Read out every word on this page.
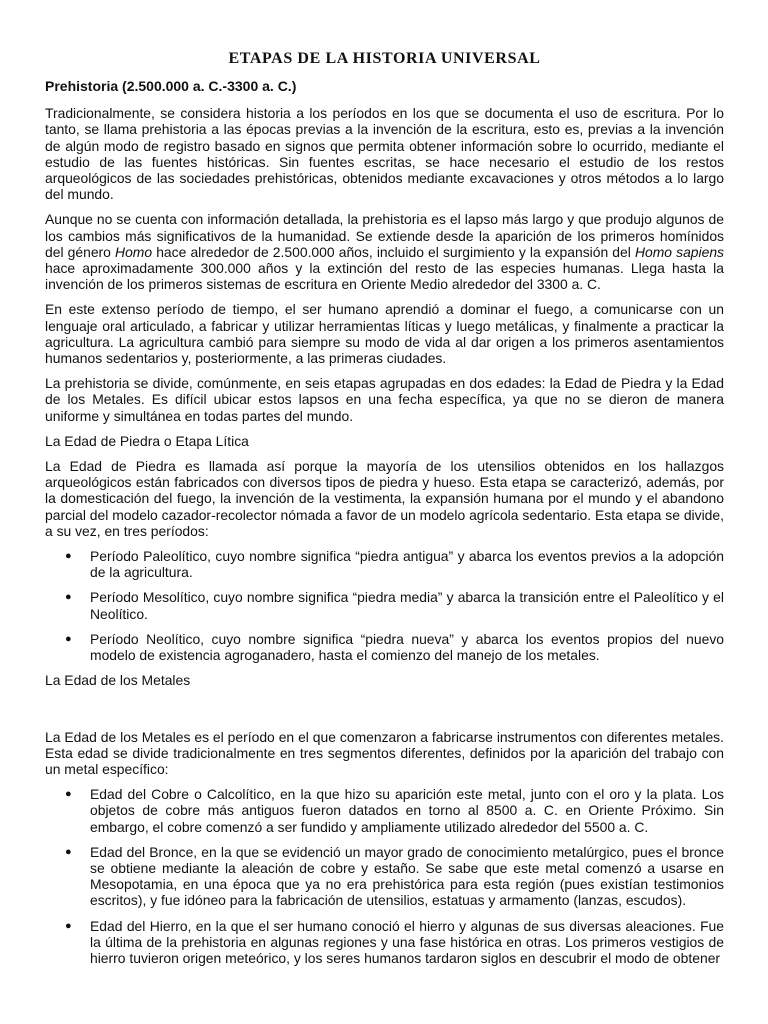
ETAPAS DE LA HISTORIA UNIVERSAL
Prehistoria (2.500.000 a. C.-3300 a. C.)

Tradicionalmente, se considera historia a los períodos en los que se documenta el uso de escritura. Por lo tanto, se llama prehistoria a las épocas previas a la invención de la escritura, esto es, previas a la invención de algún modo de registro basado en signos que permita obtener información sobre lo ocurrido, mediante el estudio de las fuentes históricas. Sin fuentes escritas, se hace necesario el estudio de los restos arqueológicos de las sociedades prehistóricas, obtenidos mediante excavaciones y otros métodos a lo largo del mundo.

Aunque no se cuenta con información detallada, la prehistoria es el lapso más largo y que produjo algunos de los cambios más significativos de la humanidad. Se extiende desde la aparición de los primeros homínidos del género Homo hace alrededor de 2.500.000 años, incluido el surgimiento y la expansión del Homo sapiens hace aproximadamente 300.000 años y la extinción del resto de las especies humanas. Llega hasta la invención de los primeros sistemas de escritura en Oriente Medio alrededor del 3300 a. C.

En este extenso período de tiempo, el ser humano aprendió a dominar el fuego, a comunicarse con un lenguaje oral articulado, a fabricar y utilizar herramientas líticas y luego metálicas, y finalmente a practicar la agricultura. La agricultura cambió para siempre su modo de vida al dar origen a los primeros asentamientos humanos sedentarios y, posteriormente, a las primeras ciudades.

La prehistoria se divide, comúnmente, en seis etapas agrupadas en dos edades: la Edad de Piedra y la Edad de los Metales. Es difícil ubicar estos lapsos en una fecha específica, ya que no se dieron de manera uniforme y simultánea en todas partes del mundo.

La Edad de Piedra o Etapa Lítica

La Edad de Piedra es llamada así porque la mayoría de los utensilios obtenidos en los hallazgos arqueológicos están fabricados con diversos tipos de piedra y hueso. Esta etapa se caracterizó, además, por la domesticación del fuego, la invención de la vestimenta, la expansión humana por el mundo y el abandono parcial del modelo cazador-recolector nómada a favor de un modelo agrícola sedentario. Esta etapa se divide, a su vez, en tres períodos:

● Período Paleolítico, cuyo nombre significa “piedra antigua” y abarca los eventos previos a la adopción de la agricultura.
● Período Mesolítico, cuyo nombre significa “piedra media” y abarca la transición entre el Paleolítico y el Neolítico.
● Período Neolítico, cuyo nombre significa “piedra nueva” y abarca los eventos propios del nuevo modelo de existencia agroganadero, hasta el comienzo del manejo de los metales.
La Edad de los Metales

La Edad de los Metales es el período en el que comenzaron a fabricarse instrumentos con diferentes metales. Esta edad se divide tradicionalmente en tres segmentos diferentes, definidos por la aparición del trabajo con un metal específico:

● Edad del Cobre o Calcolítico, en la que hizo su aparición este metal, junto con el oro y la plata. Los objetos de cobre más antiguos fueron datados en torno al 8500 a. C. en Oriente Próximo. Sin embargo, el cobre comenzó a ser fundido y ampliamente utilizado alrededor del 5500 a. C.
● Edad del Bronce, en la que se evidenció un mayor grado de conocimiento metalúrgico, pues el bronce se obtiene mediante la aleación de cobre y estaño. Se sabe que este metal comenzó a usarse en Mesopotamia, en una época que ya no era prehistórica para esta región (pues existían testimonios escritos), y fue idóneo para la fabricación de utensilios, estatuas y armamento (lanzas, escudos).
● Edad del Hierro, en la que el ser humano conoció el hierro y algunas de sus diversas aleaciones. Fue la última de la prehistoria en algunas regiones y una fase histórica en otras. Los primeros vestigios de hierro tuvieron origen meteórico, y los seres humanos tardaron siglos en descubrir el modo de obtener
